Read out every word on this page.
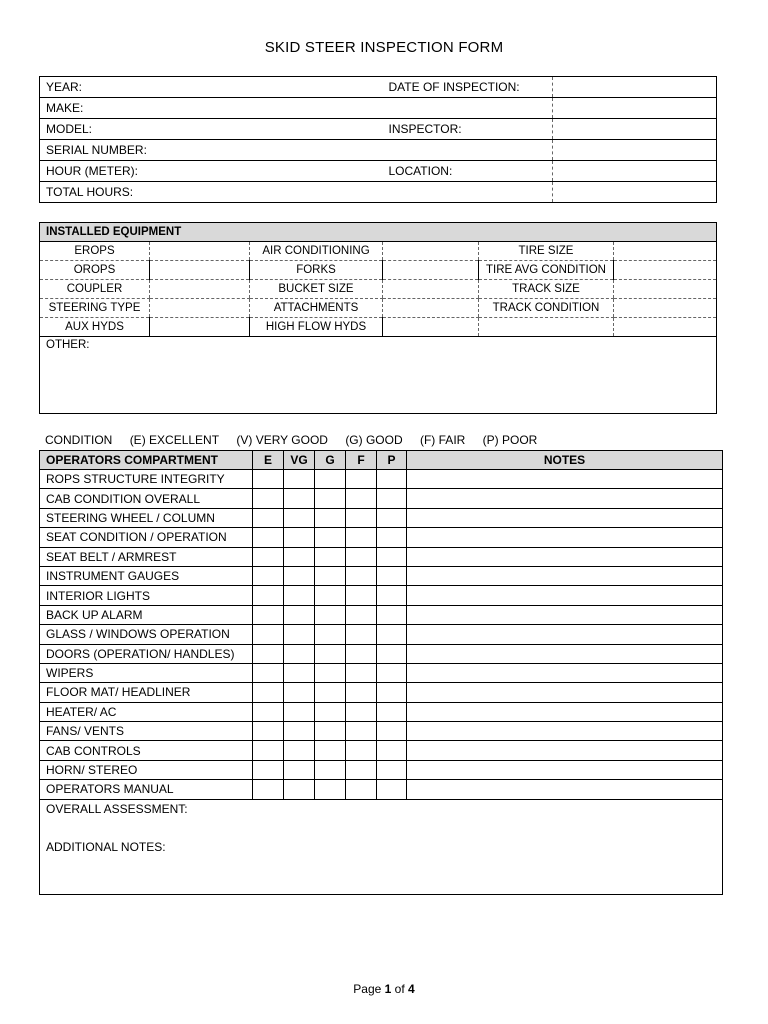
SKID STEER INSPECTION FORM
YEAR:	DATE OF INSPECTION:	
MAKE:		
MODEL:	INSPECTOR:	
SERIAL NUMBER:		
HOUR (METER):	LOCATION:	
TOTAL HOURS:		
INSTALLED EQUIPMENT					
EROPS		AIR CONDITIONING		TIRE SIZE	
OROPS		FORKS		TIRE AVG CONDITION	
COUPLER		BUCKET SIZE		TRACK SIZE	
STEERING TYPE		ATTACHMENTS		TRACK CONDITION	
AUX HYDS		HIGH FLOW HYDS			
OTHER:					
CONDITION (E) EXCELLENT (V) VERY GOOD (G) GOOD (F) FAIR (P) POOR
OPERATORS COMPARTMENT	E	VG	G	F	P	NOTES
ROPS STRUCTURE INTEGRITY						
CAB CONDITION OVERALL						
STEERING WHEEL / COLUMN						
SEAT CONDITION / OPERATION						
SEAT BELT / ARMREST						
INSTRUMENT GAUGES						
INTERIOR LIGHTS						
BACK UP ALARM						
GLASS / WINDOWS OPERATION						
DOORS (OPERATION/ HANDLES)						
WIPERS						
FLOOR MAT/ HEADLINER						
HEATER/ AC						
FANS/ VENTS						
CAB CONTROLS						
HORN/ STEREO						
OPERATORS MANUAL						

OVERALL ASSESSMENT:
ADDITIONAL NOTES:						
Page 1 of 4
